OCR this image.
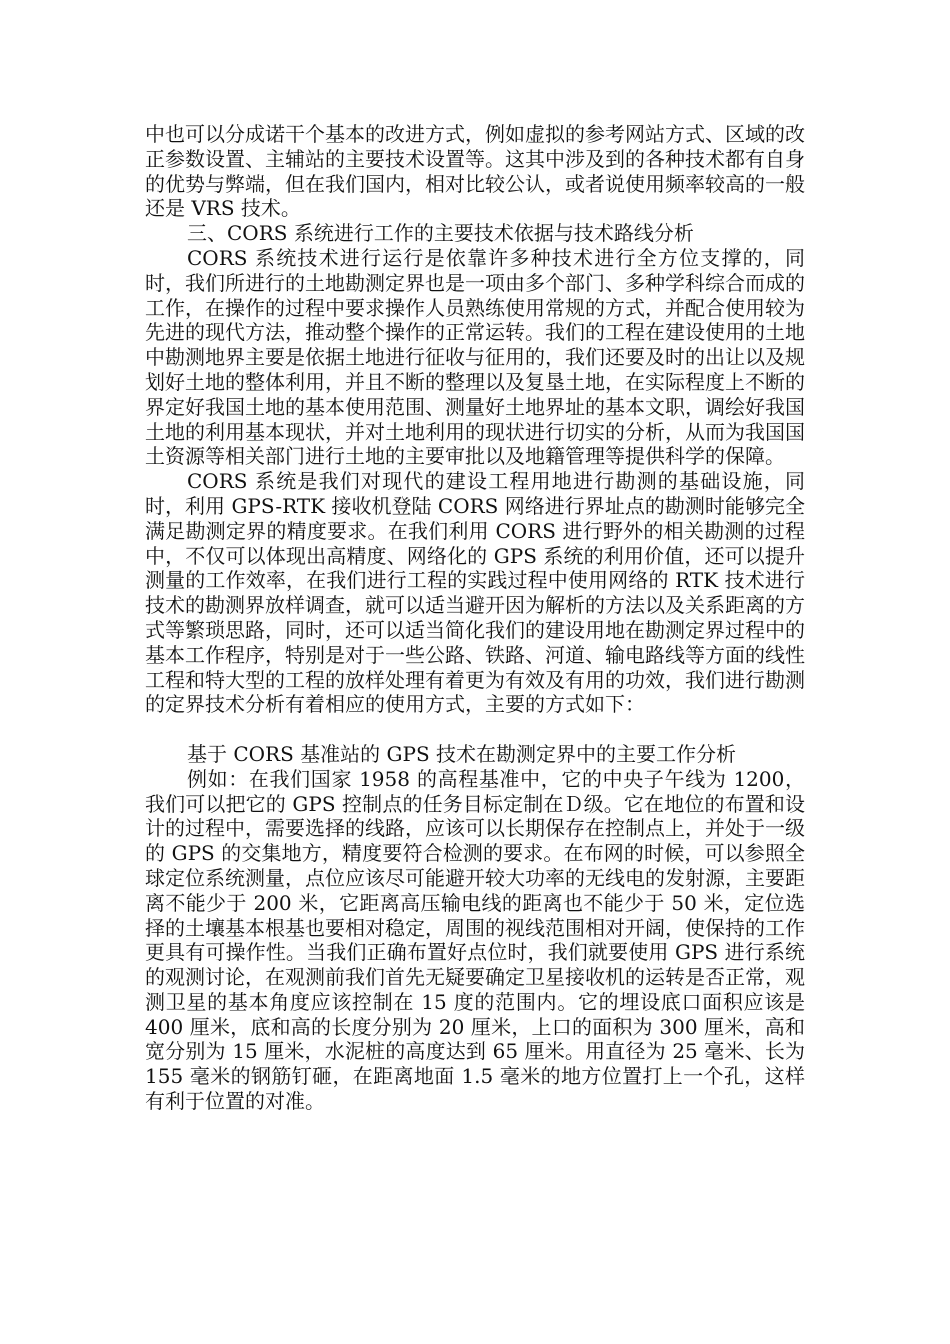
中也可以分成诺干个基本的改进方式，例如虚拟的参考网站方式、区域的改正参数设置、主辅站的主要技术设置等。这其中涉及到的各种技术都有自身的优势与弊端，但在我们国内，相对比较公认，或者说使用频率较高的一般还是 VRS 技术。

三、CORS 系统进行工作的主要技术依据与技术路线分析

CORS 系统技术进行运行是依靠许多种技术进行全方位支撑的，同时，我们所进行的土地勘测定界也是一项由多个部门、多种学科综合而成的工作，在操作的过程中要求操作人员熟练使用常规的方式，并配合使用较为先进的现代方法，推动整个操作的正常运转。我们的工程在建设使用的土地中勘测地界主要是依据土地进行征收与征用的，我们还要及时的出让以及规划好土地的整体利用，并且不断的整理以及复垦土地，在实际程度上不断的界定好我国土地的基本使用范围、测量好土地界址的基本文职，调绘好我国土地的利用基本现状，并对土地利用的现状进行切实的分析，从而为我国国土资源等相关部门进行土地的主要审批以及地籍管理等提供科学的保障。

CORS 系统是我们对现代的建设工程用地进行勘测的基础设施，同时，利用 GPS-RTK 接收机登陆 CORS 网络进行界址点的勘测时能够完全满足勘测定界的精度要求。在我们利用 CORS 进行野外的相关勘测的过程中，不仅可以体现出高精度、网络化的 GPS 系统的利用价值，还可以提升测量的工作效率，在我们进行工程的实践过程中使用网络的 RTK 技术进行技术的勘测界放样调查，就可以适当避开因为解析的方法以及关系距离的方式等繁琐思路，同时，还可以适当简化我们的建设用地在勘测定界过程中的基本工作程序，特别是对于一些公路、铁路、河道、输电路线等方面的线性工程和特大型的工程的放样处理有着更为有效及有用的功效，我们进行勘测的定界技术分析有着相应的使用方式，主要的方式如下：

基于 CORS 基准站的 GPS 技术在勘测定界中的主要工作分析

例如：在我们国家 1958 的高程基准中，它的中央子午线为 1200，我们可以把它的 GPS 控制点的任务目标定制在Ｄ级。它在地位的布置和设计的过程中，需要选择的线路，应该可以长期保存在控制点上，并处于一级的 GPS 的交集地方，精度要符合检测的要求。在布网的时候，可以参照全球定位系统测量，点位应该尽可能避开较大功率的无线电的发射源，主要距离不能少于 200 米，它距离高压输电线的距离也不能少于 50 米，定位选择的土壤基本根基也要相对稳定，周围的视线范围相对开阔，使保持的工作更具有可操作性。当我们正确布置好点位时，我们就要使用 GPS 进行系统的观测讨论，在观测前我们首先无疑要确定卫星接收机的运转是否正常，观测卫星的基本角度应该控制在 15 度的范围内。它的埋设底口面积应该是 400 厘米，底和高的长度分别为 20 厘米，上口的面积为 300 厘米，高和宽分别为 15 厘米，水泥桩的高度达到 65 厘米。用直径为 25 毫米、长为 155 毫米的钢筋钉砸，在距离地面 1.5 毫米的地方位置打上一个孔，这样有利于位置的对准。
